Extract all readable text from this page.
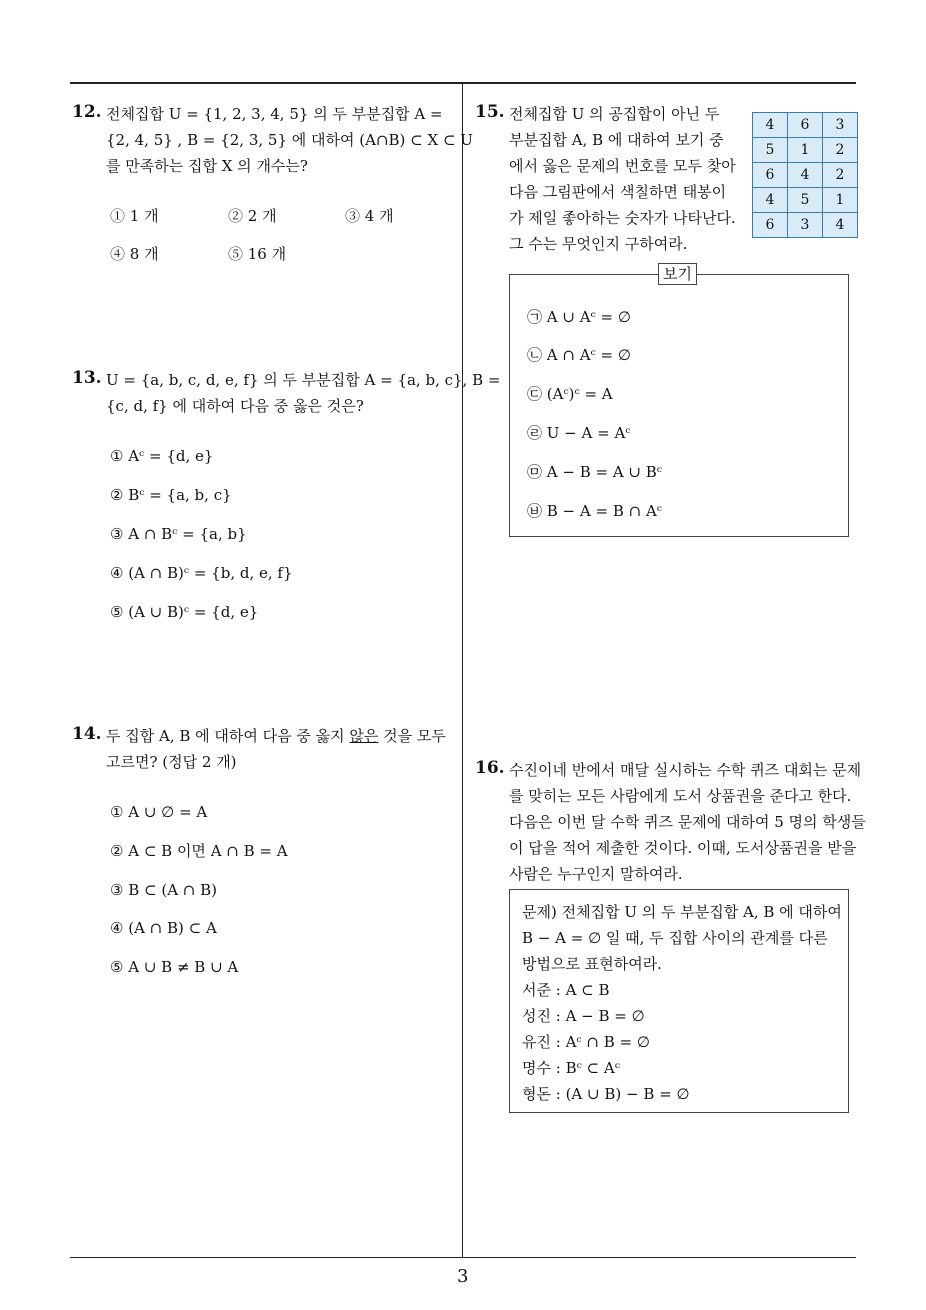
3
12. 전체집합 U = {1, 2, 3, 4, 5} 의 두 부분집합 A =
{2, 4, 5} , B = {2, 3, 5} 에 대하여 (A∩B) ⊂ X ⊂ U
를 만족하는 집합 X 의 개수는?
① 1 개	② 2 개	③ 4 개
④ 8 개	⑤ 16 개
13. U = {a, b, c, d, e, f} 의 두 부분집합 A = {a, b, c}, B =
{c, d, f} 에 대하여 다음 중 옳은 것은?
① Aᶜ = {d, e}
② Bᶜ = {a, b, c}
③ A ∩ Bᶜ = {a, b}
④ (A ∩ B)ᶜ = {b, d, e, f}
⑤ (A ∪ B)ᶜ = {d, e}
14. 두 집합 A, B 에 대하여 다음 중 옳지 않은 것을 모두
고르면? (정답 2 개)
① A ∪ ∅ = A
② A ⊂ B 이면 A ∩ B = A
③ B ⊂ (A ∩ B)
④ (A ∩ B) ⊂ A
⑤ A ∪ B ≠ B ∪ A
15. 전체집합 U 의 공집합이 아닌 두
부분집합 A, B 에 대하여 보기 중
에서 옳은 문제의 번호를 모두 찾아
다음 그림판에서 색칠하면 태봉이
가 제일 좋아하는 숫자가 나타난다.
그 수는 무엇인지 구하여라.
4	6	3
5	1	2
6	4	2
4	5	1
6	3	4
보기
㉠ A ∪ Aᶜ = ∅
㉡ A ∩ Aᶜ = ∅
㉢ (Aᶜ)ᶜ = A
㉣ U − A = Aᶜ
㉤ A − B = A ∪ Bᶜ
㉥ B − A = B ∩ Aᶜ
16. 수진이네 반에서 매달 실시하는 수학 퀴즈 대회는 문제
를 맞히는 모든 사람에게 도서 상품권을 준다고 한다.
다음은 이번 달 수학 퀴즈 문제에 대하여 5 명의 학생들
이 답을 적어 제출한 것이다. 이때, 도서상품권을 받을
사람은 누구인지 말하여라.
문제) 전체집합 U 의 두 부분집합 A, B 에 대하여
B − A = ∅ 일 때, 두 집합 사이의 관계를 다른
방법으로 표현하여라.
서준 : A ⊂ B
성진 : A − B = ∅
유진 : Aᶜ ∩ B = ∅
명수 : Bᶜ ⊂ Aᶜ
형돈 : (A ∪ B) − B = ∅
